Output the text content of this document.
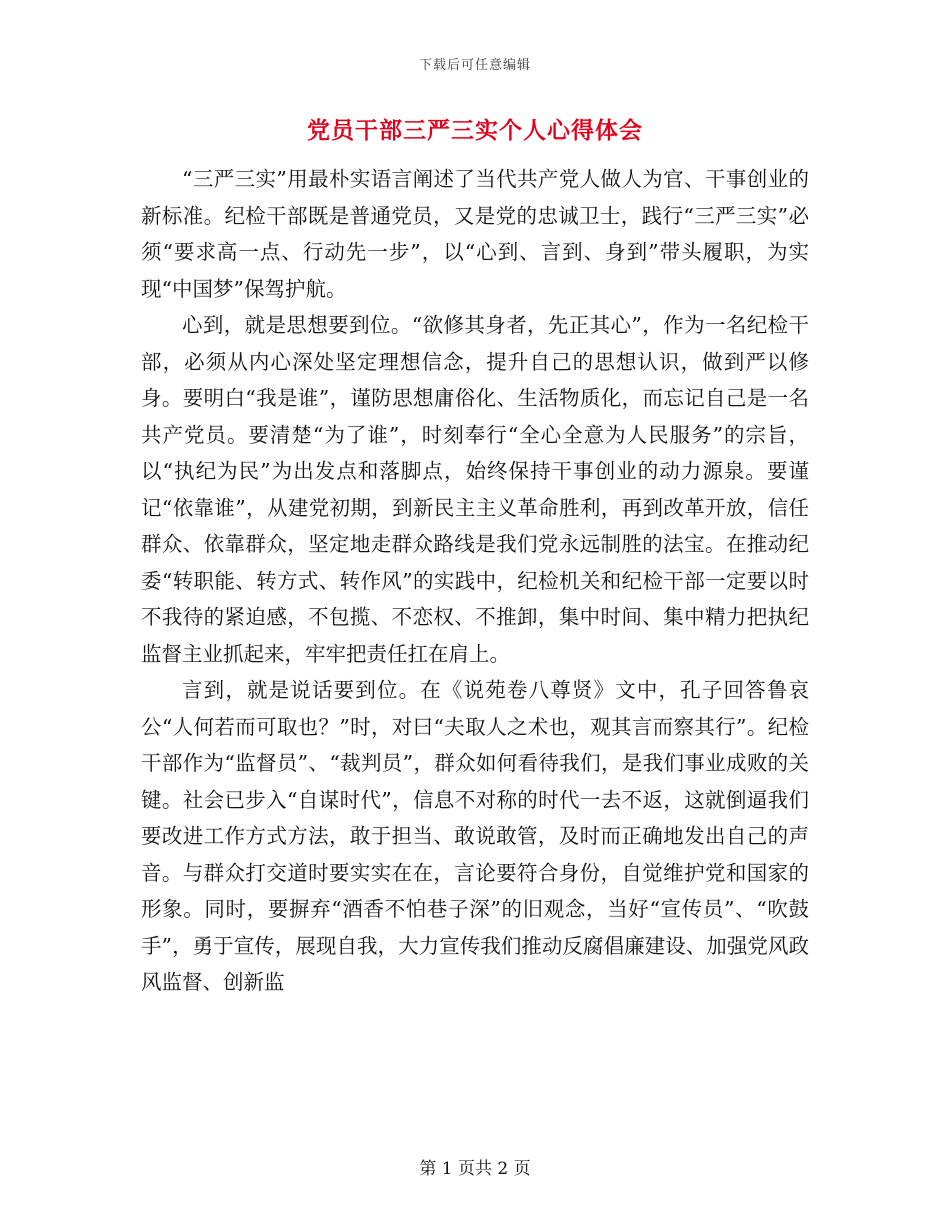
下载后可任意编辑
党员干部三严三实个人心得体会

“三严三实”用最朴实语言阐述了当代共产党人做人为官、干事创业的新标准。纪检干部既是普通党员，又是党的忠诚卫士，践行“三严三实”必须“要求高一点、行动先一步”，以“心到、言到、身到”带头履职，为实现“中国梦”保驾护航。

心到，就是思想要到位。“欲修其身者，先正其心”，作为一名纪检干部，必须从内心深处坚定理想信念，提升自己的思想认识，做到严以修身。要明白“我是谁”，谨防思想庸俗化、生活物质化，而忘记自己是一名共产党员。要清楚“为了谁”，时刻奉行“全心全意为人民服务”的宗旨，以“执纪为民”为出发点和落脚点，始终保持干事创业的动力源泉。要谨记“依靠谁”，从建党初期，到新民主主义革命胜利，再到改革开放，信任群众、依靠群众，坚定地走群众路线是我们党永远制胜的法宝。在推动纪委“转职能、转方式、转作风”的实践中，纪检机关和纪检干部一定要以时不我待的紧迫感，不包揽、不恋权、不推卸，集中时间、集中精力把执纪监督主业抓起来，牢牢把责任扛在肩上。

言到，就是说话要到位。在《说苑卷八尊贤》文中，孔子回答鲁哀公“人何若而可取也？”时，对曰“夫取人之术也，观其言而察其行”。纪检干部作为“监督员”、“裁判员”，群众如何看待我们，是我们事业成败的关键。社会已步入“自谋时代”，信息不对称的时代一去不返，这就倒逼我们要改进工作方式方法，敢于担当、敢说敢管，及时而正确地发出自己的声音。与群众打交道时要实实在在，言论要符合身份，自觉维护党和国家的形象。同时，要摒弃“酒香不怕巷子深”的旧观念，当好“宣传员”、“吹鼓手”，勇于宣传，展现自我，大力宣传我们推动反腐倡廉建设、加强党风政风监督、创新监

第 1 页共 2 页
